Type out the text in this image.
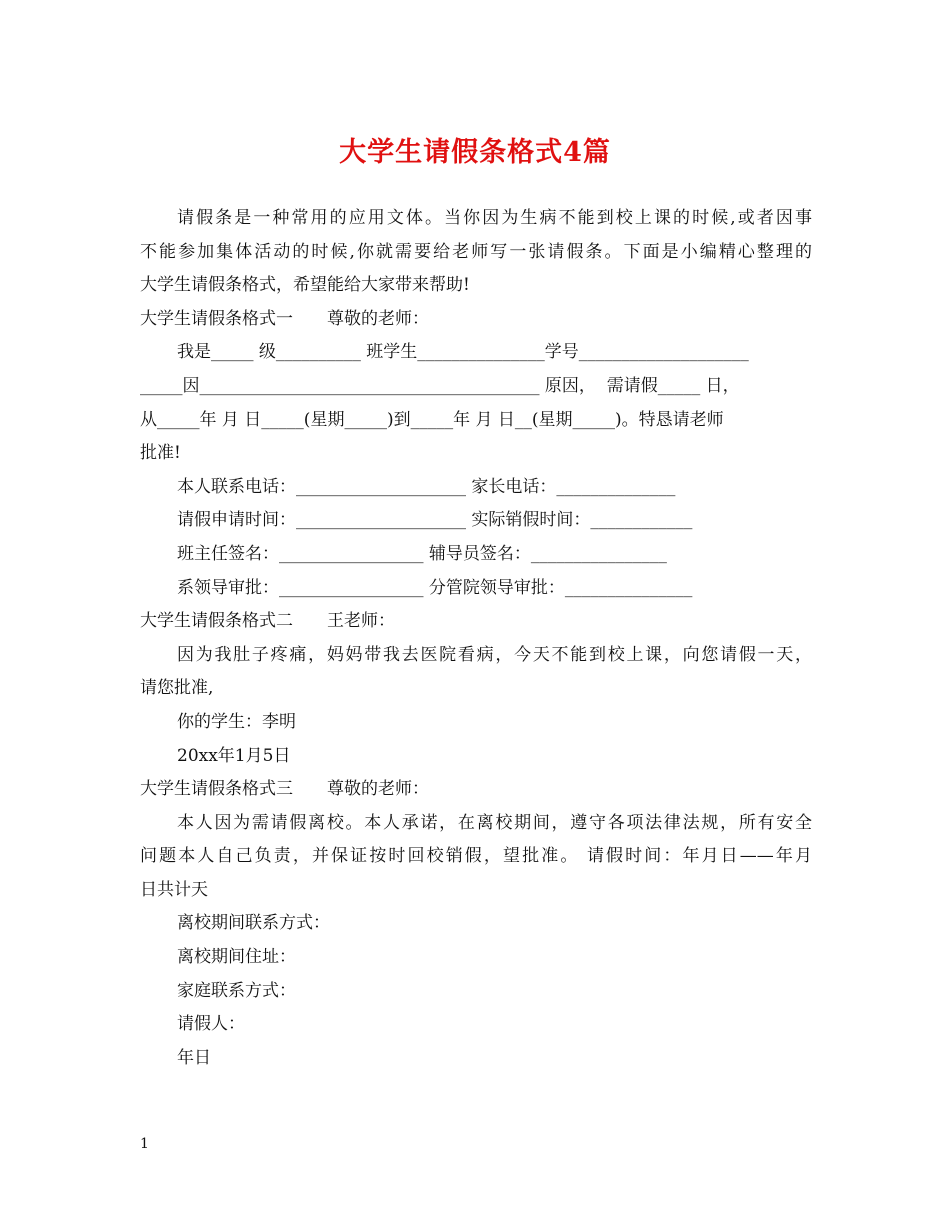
大学生请假条格式4篇
请假条是一种常用的应用文体。当你因为生病不能到校上课的时候,或者因事
不能参加集体活动的时候,你就需要给老师写一张请假条。下面是小编精心整理的
大学生请假条格式，希望能给大家带来帮助!
大学生请假条格式一　　尊敬的老师：
我是_____ 级__________ 班学生_______________学号____________________
_____因________________________________________ 原因，  需请假_____ 日，
从_____年 月 日_____(星期_____)到_____年 月 日__(星期_____)。特恳请老师
批准!
本人联系电话：____________________ 家长电话：______________
请假申请时间：____________________ 实际销假时间：____________
班主任签名：_________________ 辅导员签名：________________
系领导审批：_________________ 分管院领导审批：_______________
大学生请假条格式二　　王老师：
因为我肚子疼痛，妈妈带我去医院看病，今天不能到校上课，向您请假一天，
请您批准,
你的学生：李明
20xx年1月5日
大学生请假条格式三　　尊敬的老师：
本人因为需请假离校。本人承诺，在离校期间，遵守各项法律法规，所有安全
问题本人自己负责，并保证按时回校销假，望批准。 请假时间：年月日——年月
日共计天
离校期间联系方式：
离校期间住址：
家庭联系方式：
请假人：
年日
1
